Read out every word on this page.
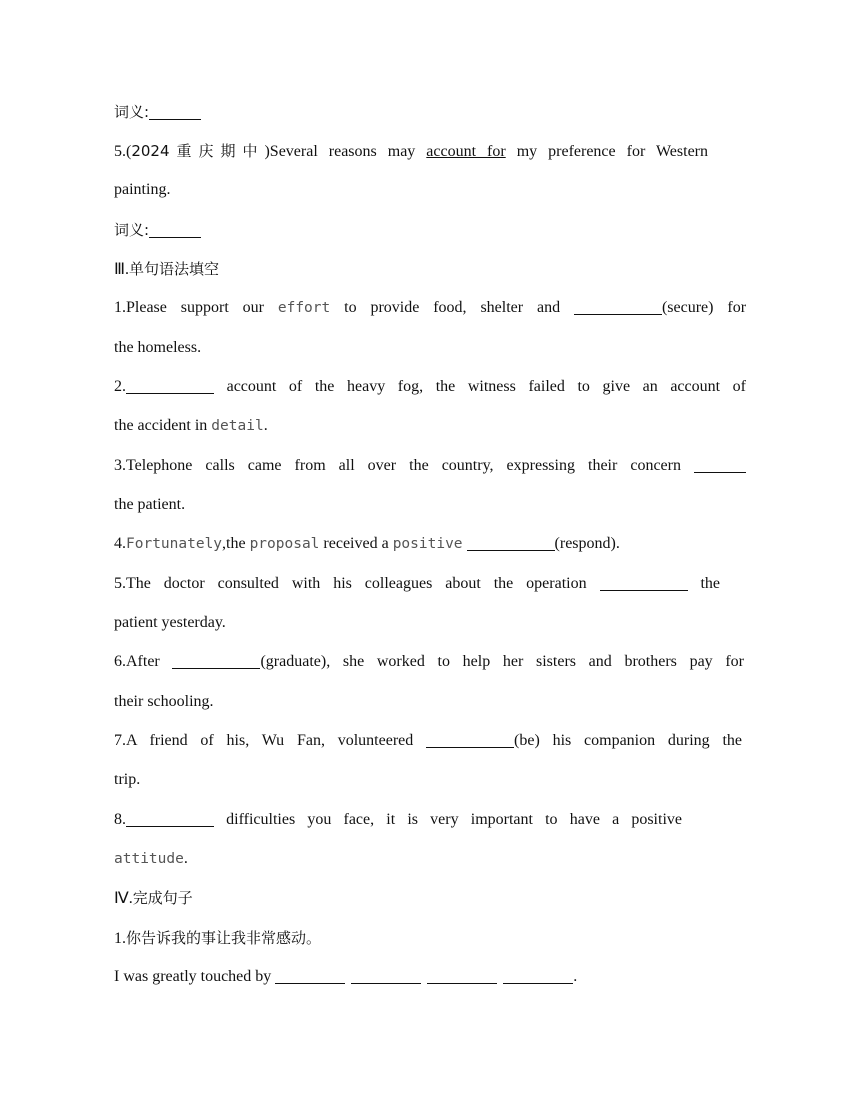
词义:
5.(2024重庆期中)Several reasons may account for my preference for Western
painting.
词义:
Ⅲ.单句语法填空
1.Please support our effort to provide food, shelter and	(secure) for
the homeless.
2.	account of the heavy fog, the witness failed to give an account of
the accident in detail.
3.Telephone calls came from all over the country, expressing their concern
the patient.
4.Fortunately,the proposal received a positive	(respond).
5.The doctor consulted with his colleagues about the operation	the
patient yesterday.
6.After	(graduate), she worked to help her sisters and brothers pay for
their schooling.
7.A friend of his, Wu Fan, volunteered	(be) his companion during the
trip.
8.	difficulties you face, it is very important to have a positive
attitude.
Ⅳ.完成句子
1.你告诉我的事让我非常感动。
I was greatly touched by	.
